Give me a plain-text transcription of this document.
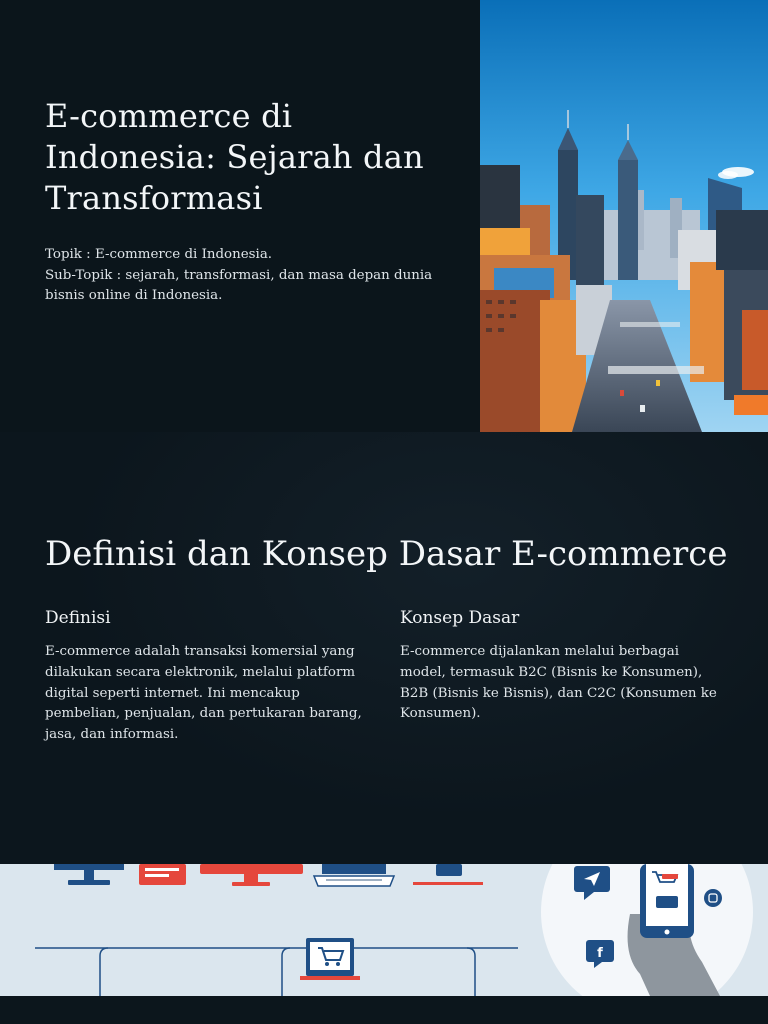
E-commerce di Indonesia: Sejarah dan Transformasi
Topik : E-commerce di Indonesia.
Sub-Topik : sejarah, transformasi, dan masa depan dunia bisnis online di Indonesia.
Definisi dan Konsep Dasar E-commerce
Definisi

E-commerce adalah transaksi komersial yang dilakukan secara elektronik, melalui platform digital seperti internet. Ini mencakup pembelian, penjualan, dan pertukaran barang, jasa, dan informasi.

Konsep Dasar

E-commerce dijalankan melalui berbagai model, termasuk B2C (Bisnis ke Konsumen), B2B (Bisnis ke Bisnis), dan C2C (Konsumen ke Konsumen).

f
